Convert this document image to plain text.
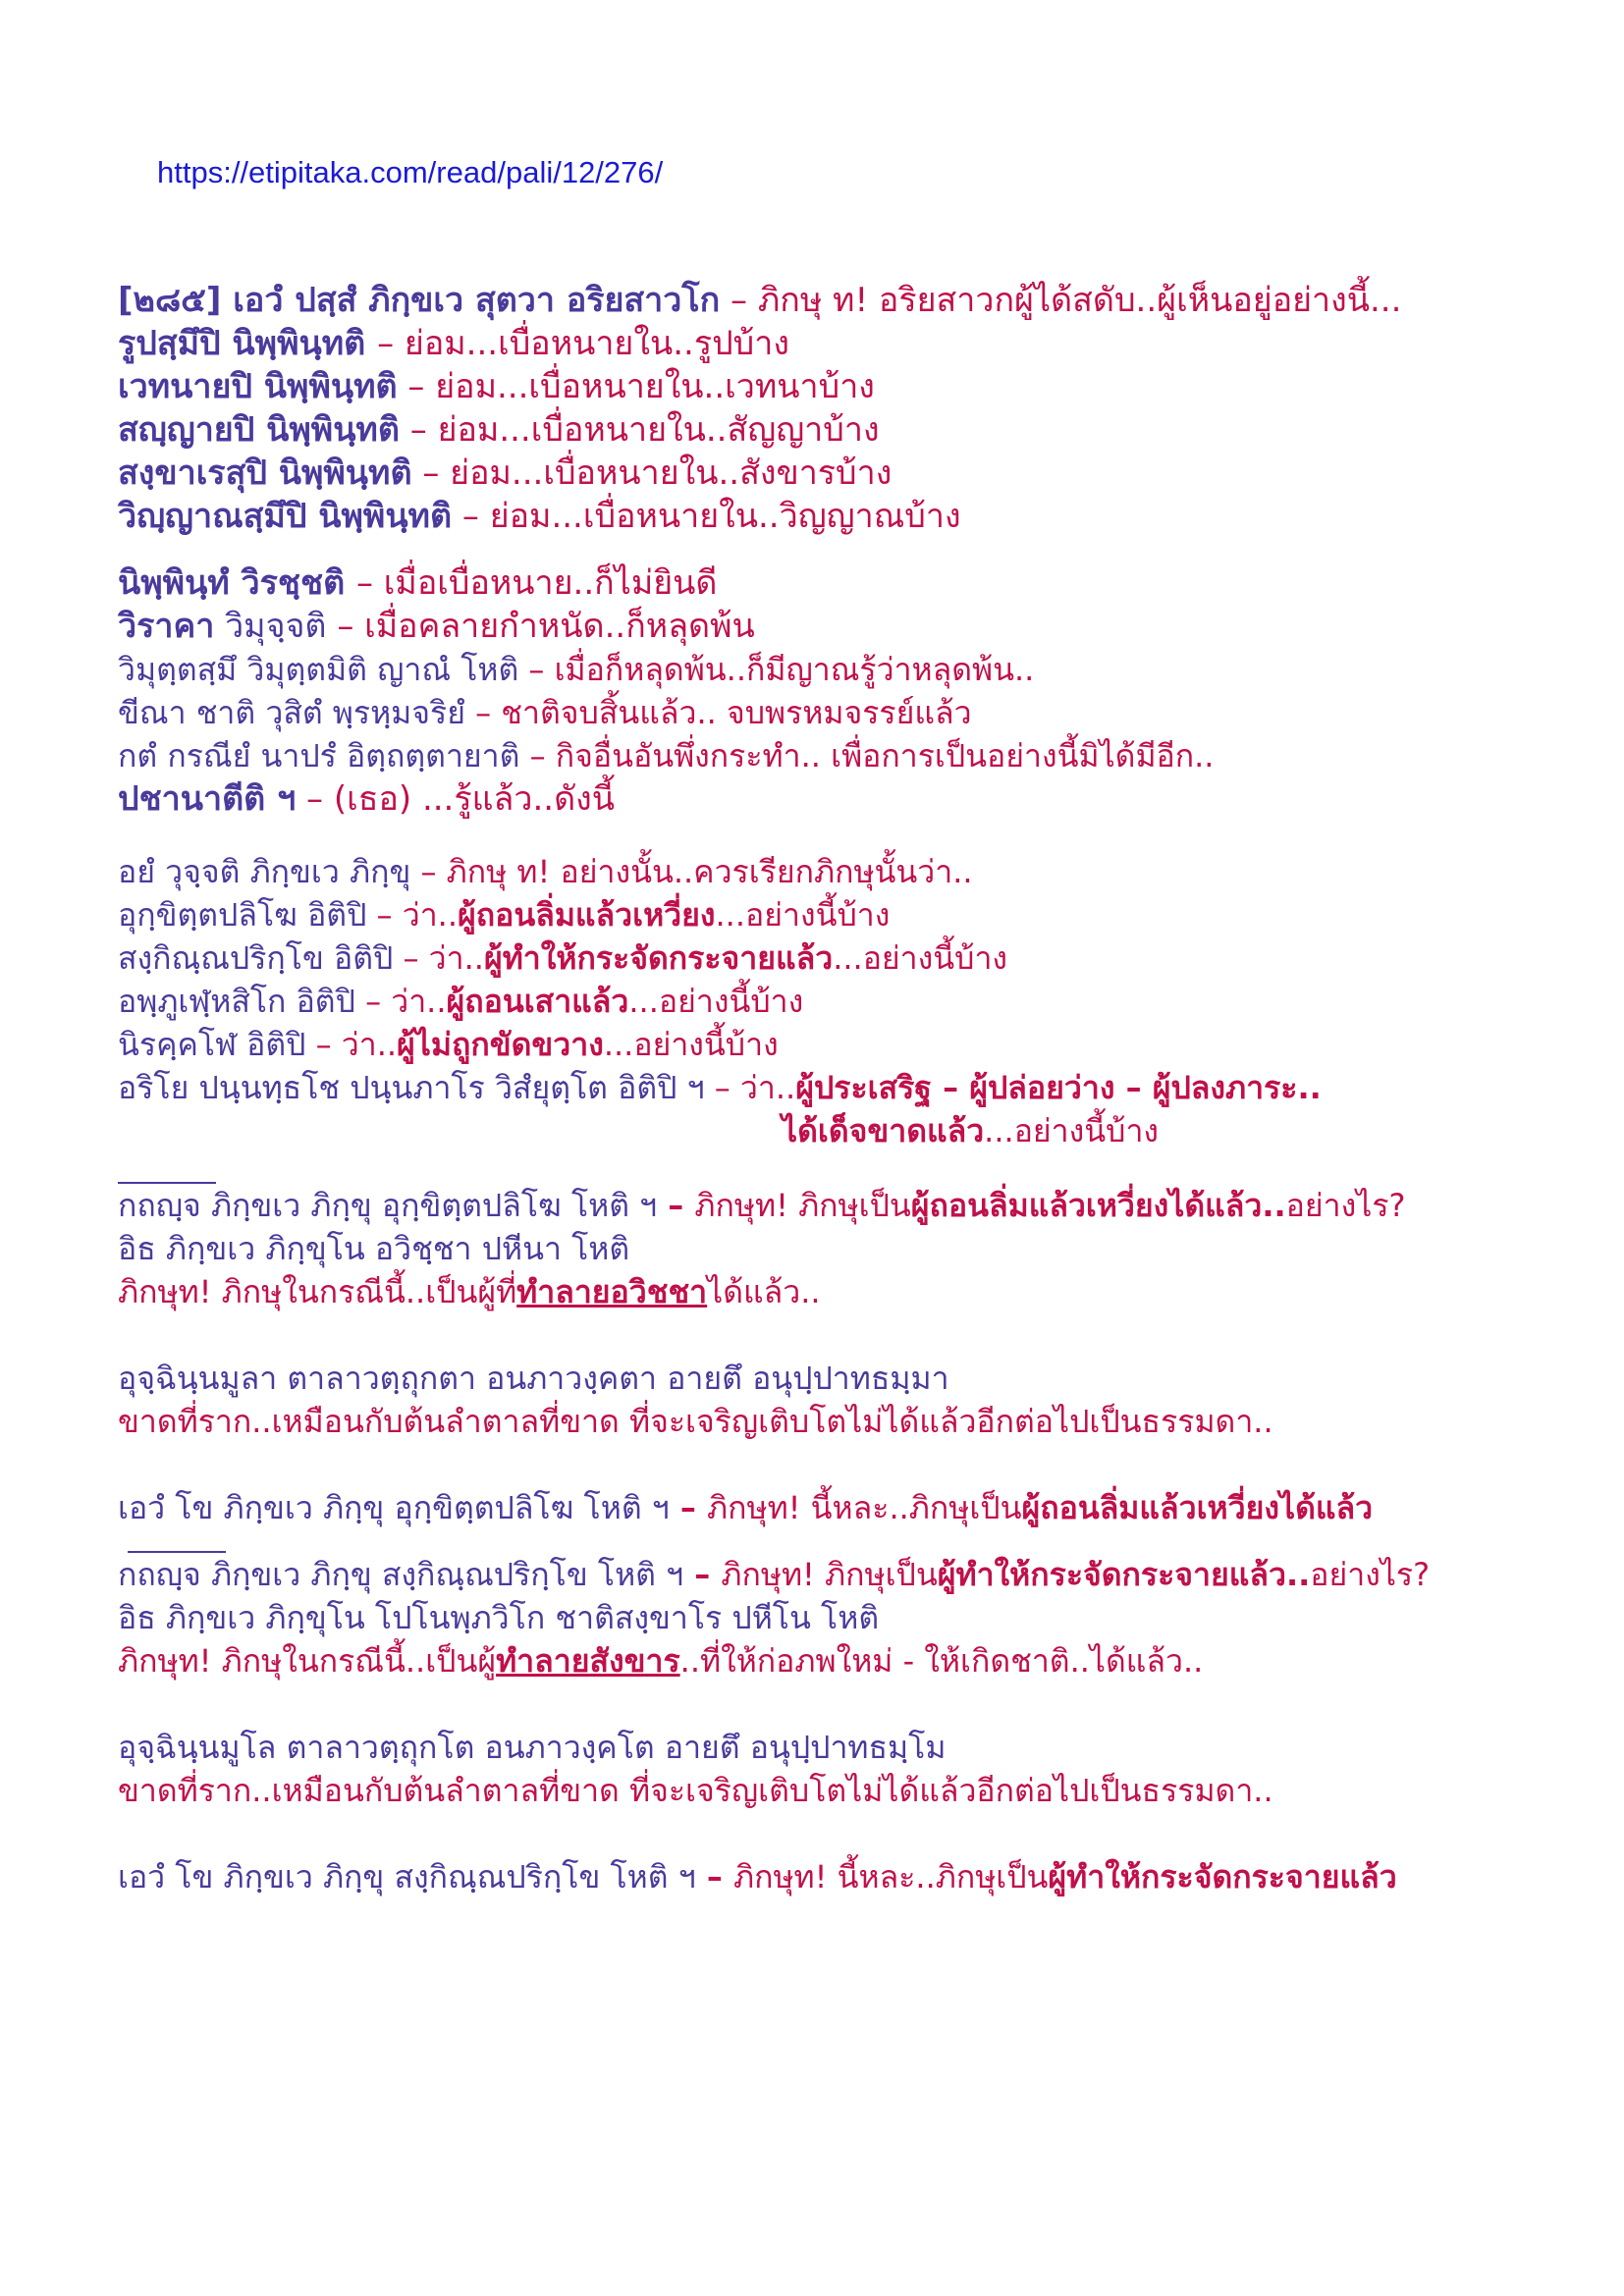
https://etipitaka.com/read/pali/12/276/
[๒๘๕] เอวํ ปสฺสํ ภิกฺขเว สุตวา อริยสาวโก – ภิกษุ ท! อริยสาวกผู้ได้สดับ..ผู้เห็นอยู่อย่างนี้...
รูปสฺมึปิ นิพฺพินฺทติ – ย่อม...เบื่อหนายใน..รูปบ้าง
เวทนายปิ นิพฺพินฺทติ – ย่อม...เบื่อหนายใน..เวทนาบ้าง
สญฺญายปิ นิพฺพินฺทติ – ย่อม...เบื่อหนายใน..สัญญาบ้าง
สงฺขาเรสุปิ นิพฺพินฺทติ – ย่อม...เบื่อหนายใน..สังขารบ้าง
วิญฺญาณสฺมึปิ นิพฺพินฺทติ – ย่อม...เบื่อหนายใน..วิญญาณบ้าง
นิพฺพินฺทํ วิรชฺชติ – เมื่อเบื่อหนาย..ก็ไม่ยินดี
วิราคา วิมุจฺจติ – เมื่อคลายกำหนัด..ก็หลุดพ้น
วิมุตฺตสฺมึ วิมุตฺตมิติ ญาณํ โหติ – เมื่อก็หลุดพ้น..ก็มีญาณรู้ว่าหลุดพ้น..
ขีณา ชาติ วุสิตํ พฺรหฺมจริยํ – ชาติจบสิ้นแล้ว.. จบพรหมจรรย์แล้ว
กตํ กรณียํ นาปรํ อิตฺถตฺตายาติ – กิจอื่นอันพึ่งกระทำ.. เพื่อการเป็นอย่างนี้มิได้มีอีก..
ปชานาตีติ ฯ – (เธอ) ...รู้แล้ว..ดังนี้
อยํ วุจฺจติ ภิกฺขเว ภิกฺขุ – ภิกษุ ท! อย่างนั้น..ควรเรียกภิกษุนั้นว่า..
อุกฺขิตฺตปลิโฆ อิติปิ – ว่า..ผู้ถอนลิ่มแล้วเหวี่ยง...อย่างนี้บ้าง
สงฺกิณฺณปริกฺโข อิติปิ – ว่า..ผู้ทำให้กระจัดกระจายแล้ว...อย่างนี้บ้าง
อพฺภูเฬฺหสิโก อิติปิ – ว่า..ผู้ถอนเสาแล้ว...อย่างนี้บ้าง
นิรคฺคโฬ อิติปิ – ว่า..ผู้ไม่ถูกขัดขวาง...อย่างนี้บ้าง
อริโย ปนฺนทฺธโช ปนฺนภาโร วิสํยุตฺโต อิติปิ ฯ – ว่า..ผู้ประเสริฐ – ผู้ปล่อยว่าง – ผู้ปลงภาระ..
ได้เด็จขาดแล้ว...อย่างนี้บ้าง
กถญฺจ ภิกฺขเว ภิกฺขุ อุกฺขิตฺตปลิโฆ โหติ ฯ – ภิกษุท! ภิกษุเป็นผู้ถอนลิ่มแล้วเหวี่ยงได้แล้ว..อย่างไร?
อิธ ภิกฺขเว ภิกฺขุโน อวิชฺชา ปหีนา โหติ
ภิกษุท! ภิกษุในกรณีนี้..เป็นผู้ที่ทำลายอวิชชาได้แล้ว..
อุจฺฉินฺนมูลา ตาลาวตฺถุกตา อนภาวงฺคตา อายตึ อนุปฺปาทธมฺมา
ขาดที่ราก..เหมือนกับต้นลำตาลที่ขาด ที่จะเจริญเติบโตไม่ได้แล้วอีกต่อไปเป็นธรรมดา..
เอวํ โข ภิกฺขเว ภิกฺขุ อุกฺขิตฺตปลิโฆ โหติ ฯ – ภิกษุท! นี้หละ..ภิกษุเป็นผู้ถอนลิ่มแล้วเหวี่ยงได้แล้ว
กถญฺจ ภิกฺขเว ภิกฺขุ สงฺกิณฺณปริกฺโข โหติ ฯ – ภิกษุท! ภิกษุเป็นผู้ทำให้กระจัดกระจายแล้ว..อย่างไร?
อิธ ภิกฺขเว ภิกฺขุโน โปโนพฺภวิโก ชาติสงฺขาโร ปหีโน โหติ
ภิกษุท! ภิกษุในกรณีนี้..เป็นผู้ทำลายสังขาร..ที่ให้ก่อภพใหม่ - ให้เกิดชาติ..ได้แล้ว..
อุจฺฉินฺนมูโล ตาลาวตฺถุกโต อนภาวงฺคโต อายตึ อนุปฺปาทธมฺโม
ขาดที่ราก..เหมือนกับต้นลำตาลที่ขาด ที่จะเจริญเติบโตไม่ได้แล้วอีกต่อไปเป็นธรรมดา..
เอวํ โข ภิกฺขเว ภิกฺขุ สงฺกิณฺณปริกฺโข โหติ ฯ – ภิกษุท! นี้หละ..ภิกษุเป็นผู้ทำให้กระจัดกระจายแล้ว
